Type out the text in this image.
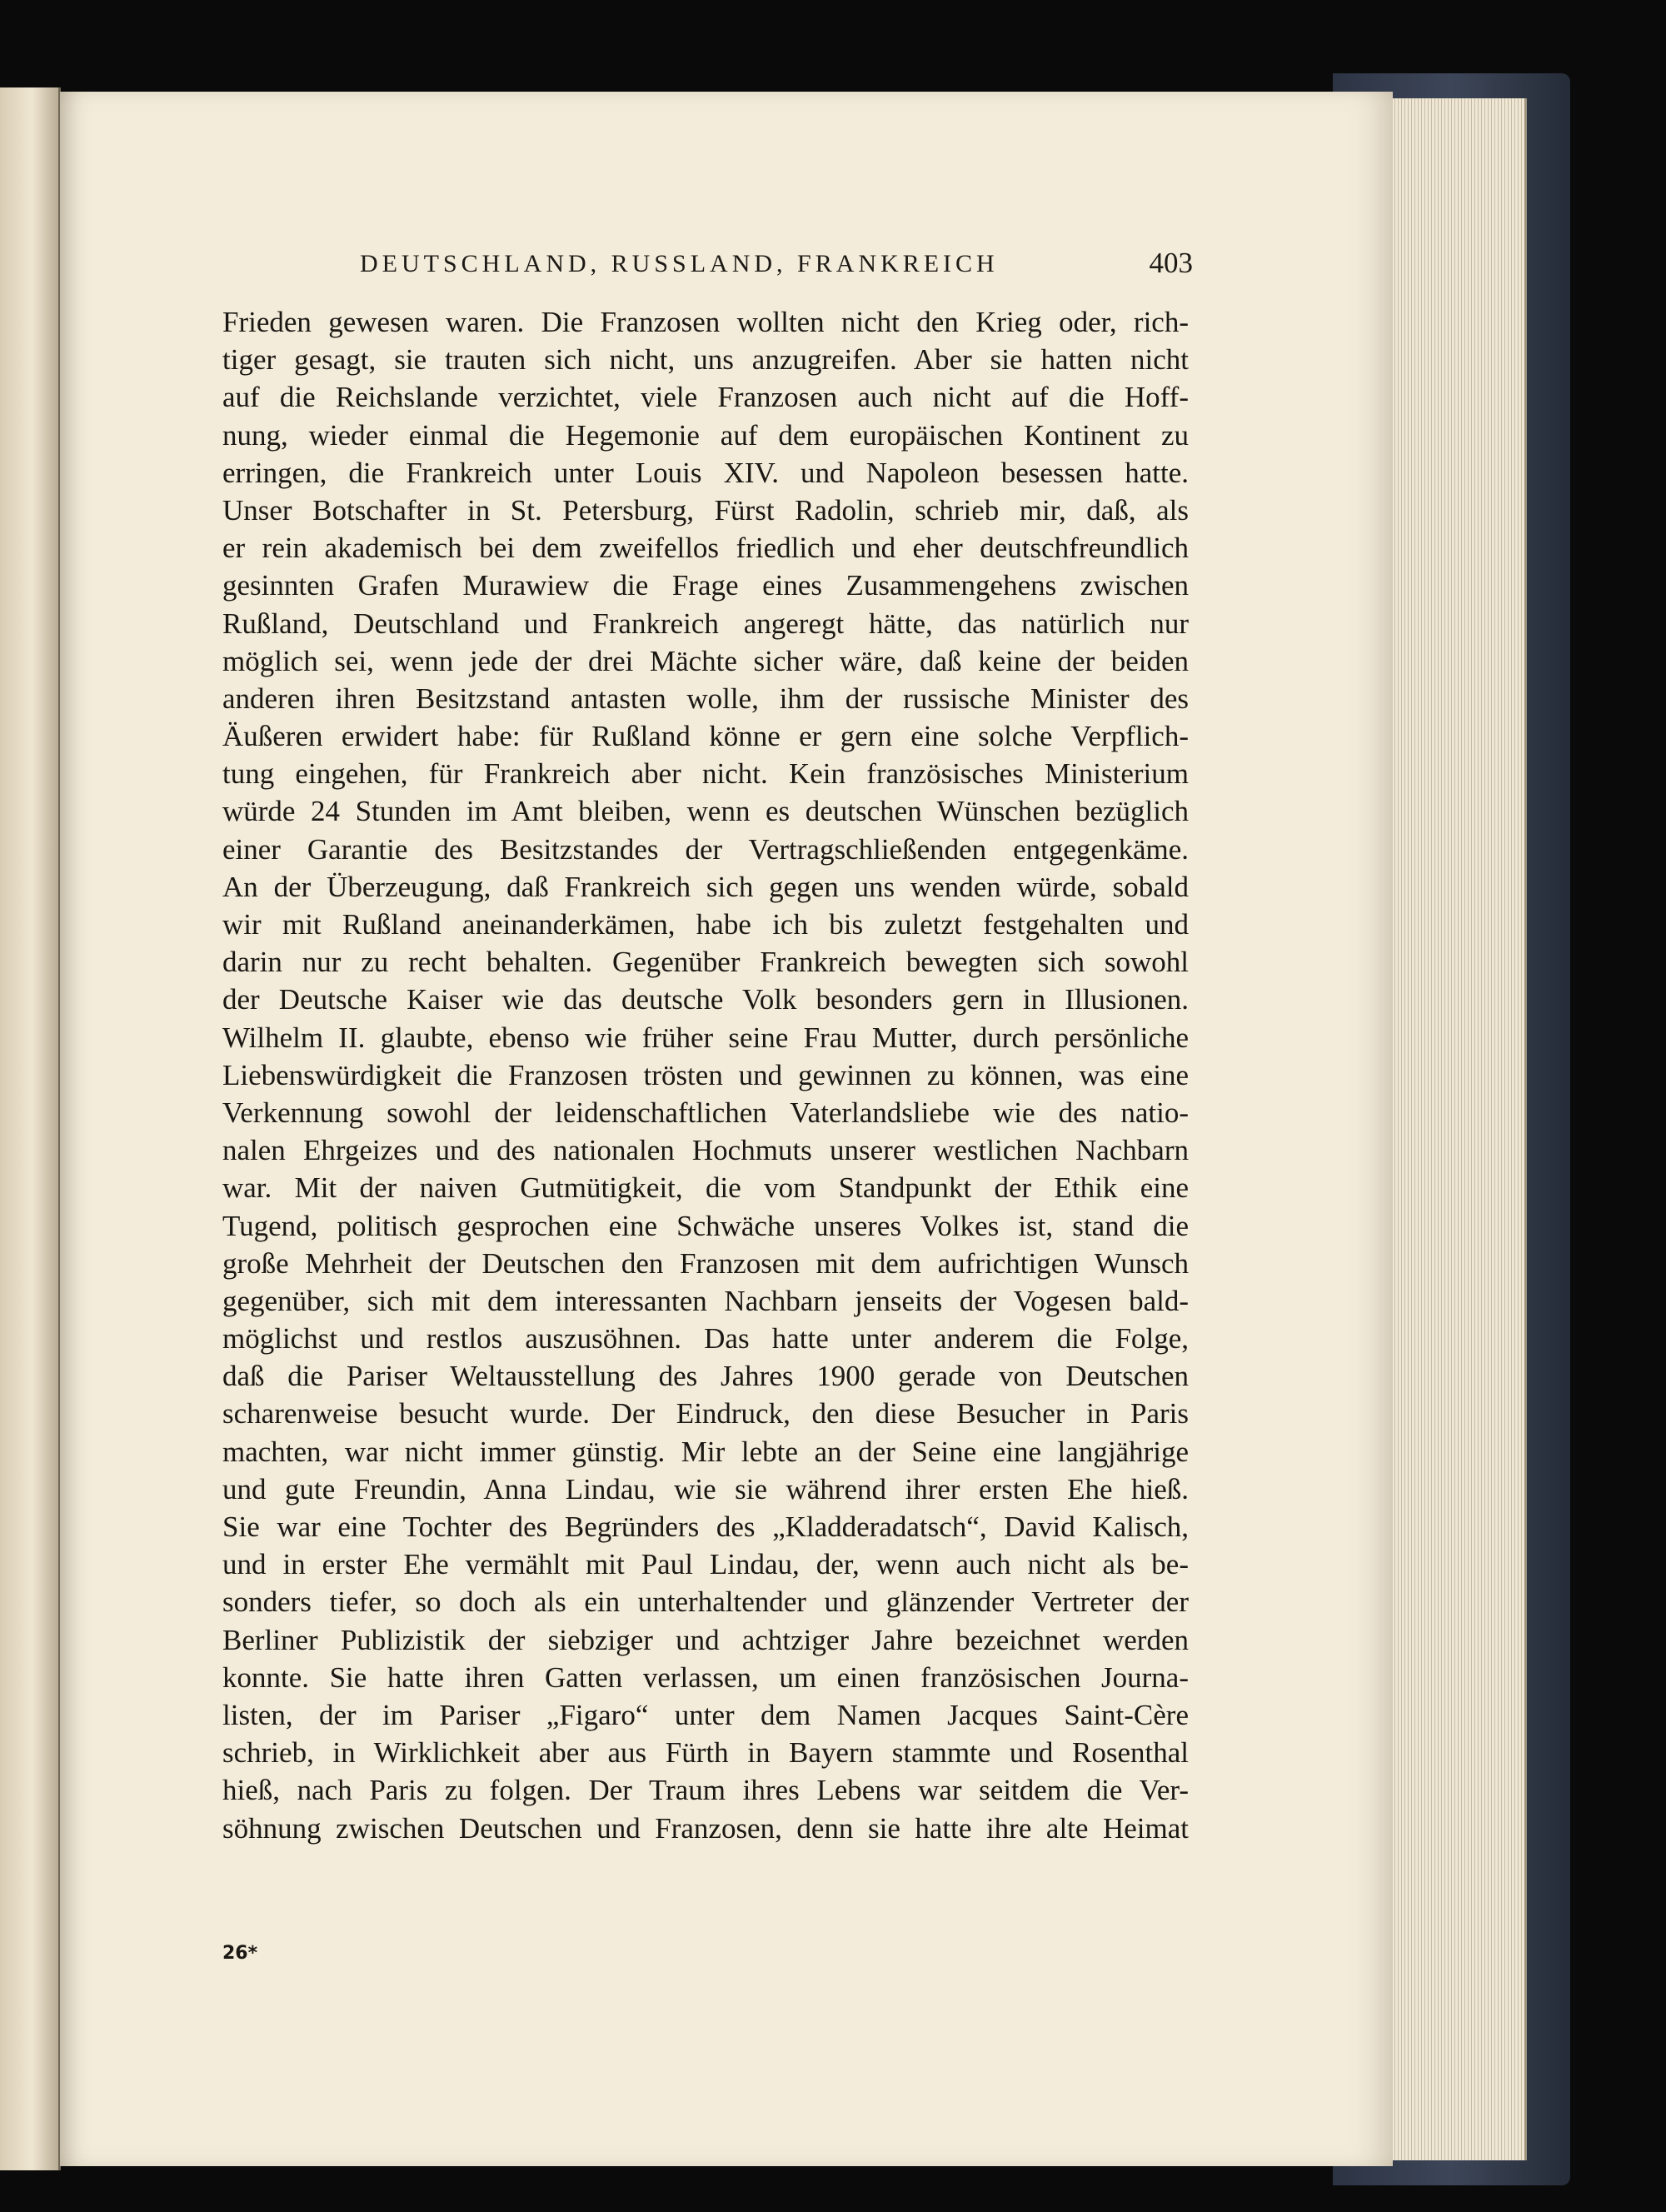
DEUTSCHLAND, RUSSLAND, FRANKREICH	403
Frieden gewesen waren. Die Franzosen wollten nicht den Krieg oder, rich-
tiger gesagt, sie trauten sich nicht, uns anzugreifen. Aber sie hatten nicht
auf die Reichslande verzichtet, viele Franzosen auch nicht auf die Hoff-
nung, wieder einmal die Hegemonie auf dem europäischen Kontinent zu
erringen, die Frankreich unter Louis XIV. und Napoleon besessen hatte.
Unser Botschafter in St. Petersburg, Fürst Radolin, schrieb mir, daß, als
er rein akademisch bei dem zweifellos friedlich und eher deutschfreundlich
gesinnten Grafen Murawiew die Frage eines Zusammengehens zwischen
Rußland, Deutschland und Frankreich angeregt hätte, das natürlich nur
möglich sei, wenn jede der drei Mächte sicher wäre, daß keine der beiden
anderen ihren Besitzstand antasten wolle, ihm der russische Minister des
Äußeren erwidert habe: für Rußland könne er gern eine solche Verpflich-
tung eingehen, für Frankreich aber nicht. Kein französisches Ministerium
würde 24 Stunden im Amt bleiben, wenn es deutschen Wünschen bezüglich
einer Garantie des Besitzstandes der Vertragschließenden entgegenkäme.
An der Überzeugung, daß Frankreich sich gegen uns wenden würde, sobald
wir mit Rußland aneinanderkämen, habe ich bis zuletzt festgehalten und
darin nur zu recht behalten. Gegenüber Frankreich bewegten sich sowohl
der Deutsche Kaiser wie das deutsche Volk besonders gern in Illusionen.
Wilhelm II. glaubte, ebenso wie früher seine Frau Mutter, durch persönliche
Liebenswürdigkeit die Franzosen trösten und gewinnen zu können, was eine
Verkennung sowohl der leidenschaftlichen Vaterlandsliebe wie des natio-
nalen Ehrgeizes und des nationalen Hochmuts unserer westlichen Nachbarn
war. Mit der naiven Gutmütigkeit, die vom Standpunkt der Ethik eine
Tugend, politisch gesprochen eine Schwäche unseres Volkes ist, stand die
große Mehrheit der Deutschen den Franzosen mit dem aufrichtigen Wunsch
gegenüber, sich mit dem interessanten Nachbarn jenseits der Vogesen bald-
möglichst und restlos auszusöhnen. Das hatte unter anderem die Folge,
daß die Pariser Weltausstellung des Jahres 1900 gerade von Deutschen
scharenweise besucht wurde. Der Eindruck, den diese Besucher in Paris
machten, war nicht immer günstig. Mir lebte an der Seine eine langjährige
und gute Freundin, Anna Lindau, wie sie während ihrer ersten Ehe hieß.
Sie war eine Tochter des Begründers des „Kladderadatsch“, David Kalisch,
und in erster Ehe vermählt mit Paul Lindau, der, wenn auch nicht als be-
sonders tiefer, so doch als ein unterhaltender und glänzender Vertreter der
Berliner Publizistik der siebziger und achtziger Jahre bezeichnet werden
konnte. Sie hatte ihren Gatten verlassen, um einen französischen Journa-
listen, der im Pariser „Figaro“ unter dem Namen Jacques Saint-Cère
schrieb, in Wirklichkeit aber aus Fürth in Bayern stammte und Rosenthal
hieß, nach Paris zu folgen. Der Traum ihres Lebens war seitdem die Ver-
söhnung zwischen Deutschen und Franzosen, denn sie hatte ihre alte Heimat
26*
